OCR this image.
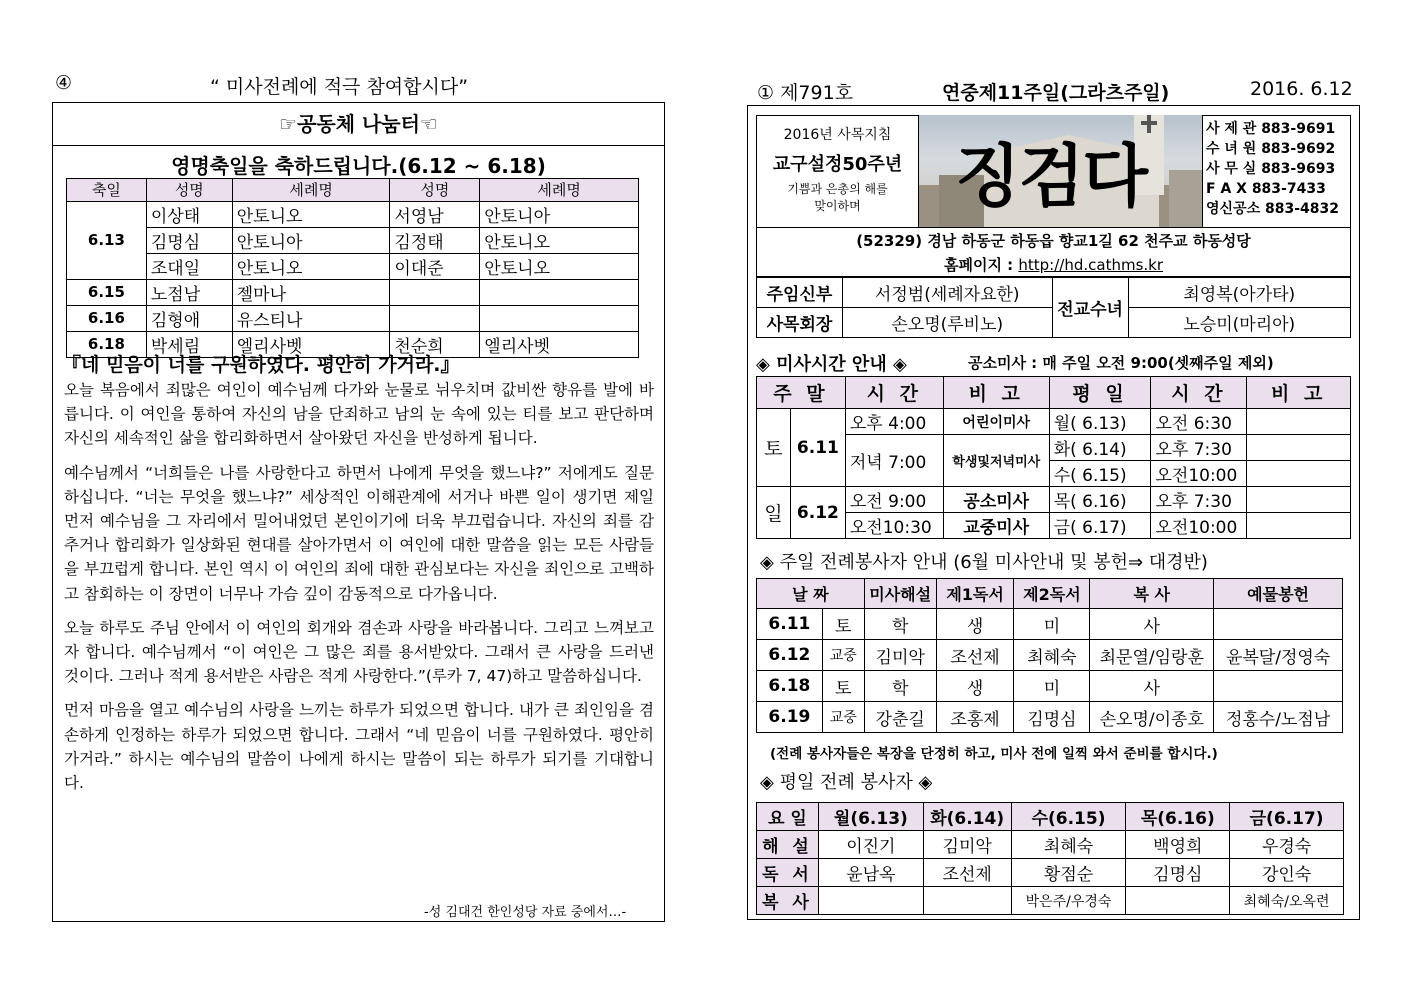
④	“ 미사전례에 적극 참여합시다”
☞공동체 나눔터☜
영명축일을 축하드립니다.(6.12 ~ 6.18)
축일	성명	세례명	성명	세례명
6.13	이상태	안토니오	서영남	안토니아
	김명심	안토니아	김정태	안토니오
	조대일	안토니오	이대준	안토니오
6.15	노점남	젤마나		
6.16	김형애	유스티나		
6.18	박세림	엘리사벳	천순희	엘리사벳
『네 믿음이 너를 구원하였다. 평안히 가거라.』

오늘 복음에서 죄많은 여인이 예수님께 다가와 눈물로 뉘우치며 값비싼 향유를 발에 바릅니다. 이 여인을 통하여 자신의 남을 단죄하고 남의 눈 속에 있는 티를 보고 판단하며 자신의 세속적인 삶을 합리화하면서 살아왔던 자신을 반성하게 됩니다.

예수님께서 “너희들은 나를 사랑한다고 하면서 나에게 무엇을 했느냐?” 저에게도 질문하십니다. “너는 무엇을 했느냐?” 세상적인 이해관계에 서거나 바쁜 일이 생기면 제일 먼저 예수님을 그 자리에서 밀어내었던 본인이기에 더욱 부끄럽습니다. 자신의 죄를 감추거나 합리화가 일상화된 현대를 살아가면서 이 여인에 대한 말씀을 읽는 모든 사람들을 부끄럽게 합니다. 본인 역시 이 여인의 죄에 대한 관심보다는 자신을 죄인으로 고백하고 참회하는 이 장면이 너무나 가슴 깊이 감동적으로 다가옵니다.

오늘 하루도 주님 안에서 이 여인의 회개와 겸손과 사랑을 바라봅니다. 그리고 느껴보고자 합니다. 예수님께서 “이 여인은 그 많은 죄를 용서받았다. 그래서 큰 사랑을 드러낸 것이다. 그러나 적게 용서받은 사람은 적게 사랑한다.”(루카 7, 47)하고 말씀하십니다.

먼저 마음을 열고 예수님의 사랑을 느끼는 하루가 되었으면 합니다. 내가 큰 죄인임을 겸손하게 인정하는 하루가 되었으면 합니다. 그래서 “네 믿음이 너를 구원하였다. 평안히 가거라.” 하시는 예수님의 말씀이 나에게 하시는 말씀이 되는 하루가 되기를 기대합니다.

-성 김대건 한인성당 자료 중에서…-
① 제791호	연중제11주일(그라츠주일)	2016. 6.12
2016년 사목지침
교구설정50주년
기쁨과 은총의 해를
맞이하며	징검다
사 제 관 883-9691
수 녀 원 883-9692
사 무 실 883-9693
F A X 883-7433
영신공소 883-4832
(52329) 경남 하동군 하동읍 향교1길 62 천주교 하동성당
홈페이지 : http://hd.cathms.kr
주임신부	서정범(세례자요한)	전교수녀	최영복(아가타)
사목회장	손오명(루비노)		노승미(마리아)
◈ 미사시간 안내 ◈	공소미사 : 매 주일 오전 9:00(셋째주일 제외)
주 말		시 간	비 고	평 일	시 간	비 고
토	6.11	오후 4:00	어린이미사	월( 6.13)	오전 6:30	
		저녁 7:00	학생및저녁미사	화( 6.14)	오후 7:30	
				수( 6.15)	오전10:00	
일	6.12	오전 9:00	공소미사	목( 6.16)	오후 7:30	
		오전10:30	교중미사	금( 6.17)	오전10:00	
◈ 주일 전례봉사자 안내 (6월 미사안내 및 봉헌⇒ 대경반)
날 짜		미사해설	제1독서	제2독서	복 사	예물봉헌
6.11	토	학	생	미	사	
6.12	교중	김미악	조선제	최혜숙	최문열/임랑훈	윤복달/정영숙
6.18	토	학	생	미	사	
6.19	교중	강춘길	조홍제	김명심	손오명/이종호	정홍수/노점남
(전례 봉사자들은 복장을 단정히 하고, 미사 전에 일찍 와서 준비를 합시다.)
◈ 평일 전례 봉사자 ◈
요 일	월(6.13)	화(6.14)	수(6.15)	목(6.16)	금(6.17)
해 설	이진기	김미악	최혜숙	백영희	우경숙
독 서	윤남옥	조선제	황점순	김명심	강인숙
복 사			박은주/우경숙		최혜숙/오옥련
